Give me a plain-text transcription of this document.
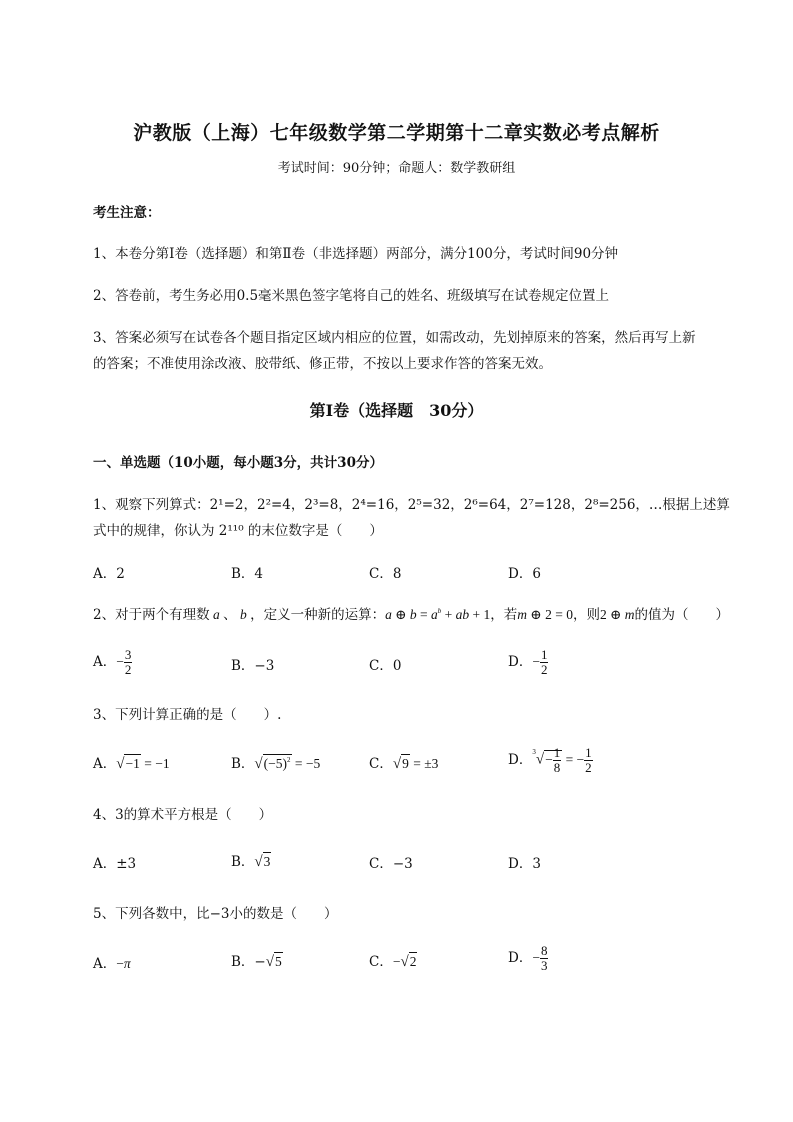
沪教版（上海）七年级数学第二学期第十二章实数必考点解析
考试时间：90分钟；命题人：数学教研组
考生注意：
1、本卷分第I卷（选择题）和第Ⅱ卷（非选择题）两部分，满分100分，考试时间90分钟
2、答卷前，考生务必用0.5毫米黑色签字笔将自己的姓名、班级填写在试卷规定位置上
3、答案必须写在试卷各个题目指定区域内相应的位置，如需改动，先划掉原来的答案，然后再写上新
的答案；不准使用涂改液、胶带纸、修正带，不按以上要求作答的答案无效。
第I卷（选择题　30分）
一、单选题（10小题，每小题3分，共计30分）
1、观察下列算式：2¹=2，2²=4，2³=8，2⁴=16，2⁵=32，2⁶=64，2⁷=128，2⁸=256，…根据上述算
式中的规律，你认为 2¹¹⁰ 的末位数字是（　　）
A．2	B．4	C．8	D．6
2、对于两个有理数 a 、 b ，定义一种新的运算：a ⊕ $b = a^b$ + ab + 1，若m ⊕ 2 = 0，则2 ⊕ m的值为（　　）
A．− $\frac{3}{2}$	B．−3	C．0	D．− $\frac{1}{2}$
3、下列计算正确的是（　　）.
A．√−1 = −1	B．$√(-5)^2 = -5$	C．√9 = ±3	D．$^3√- \frac{1}{8}$ = − $\frac{1}{2}$
4、3的算术平方根是（　　）
A．±3	B．√3	C．−3	D．3
5、下列各数中，比−3小的数是（　　）
A．−π	B．−√5	C．−√2	D．− $\frac{8}{3}$
